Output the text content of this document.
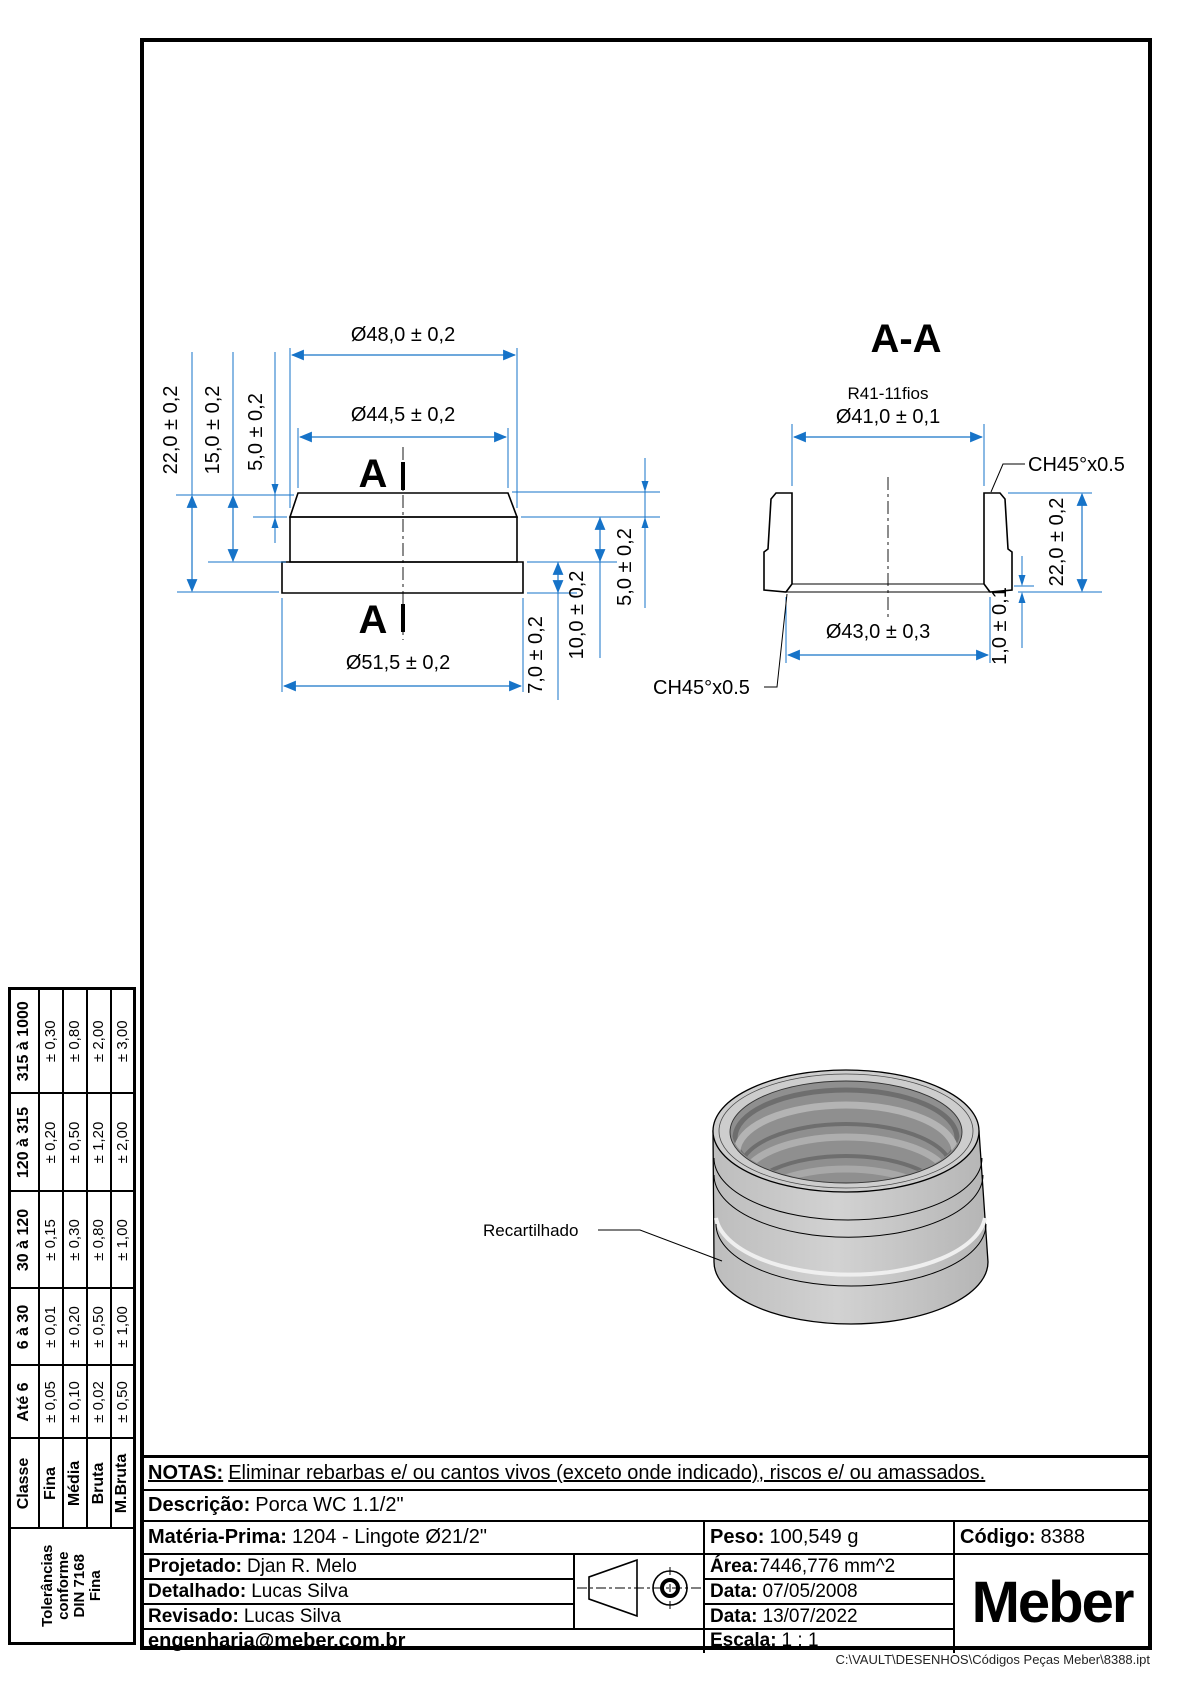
A
A
Ø48,0 ± 0,2
Ø44,5 ± 0,2
Ø51,5 ± 0,2
22,0 ± 0,2 15,0 ± 0,2 5,0 ± 0,2
5,0 ± 0,2
10,0 ± 0,2
7,0 ± 0,2
A-A
R41-11fios
Ø41,0 ± 0,1
CH45°x0.5
CH45°x0.5
22,0 ± 0,2
1,0 ± 0,1
Ø43,0 ± 0,3
Recartilhado
Tolerâncias conforme DIN 7168 Fina	Classe	Até 6	6 à 30	30 à 120	120 à 315	315 à 1000
	Fina	± 0,05	± 0,01	± 0,15	± 0,20	± 0,30
	Média	± 0,10	± 0,20	± 0,30	± 0,50	± 0,80
	Bruta	± 0,02	± 0,50	± 0,80	± 1,20	± 2,00
	M.Bruta	± 0,50	± 1,00	± 1,00	± 2,00	± 3,00
NOTAS: Eliminar rebarbas e/ ou cantos vivos (exceto onde indicado), riscos e/ ou amassados.
Descrição: Porca WC 1.1/2"
Matéria-Prima: 1204 - Lingote Ø21/2"	Peso: 100,549 g	Código: 8388
Projetado: Djan R. Melo
Detalhado: Lucas Silva
Revisado: Lucas Silva
engenharia@meber.com.br
Área:7446,776 mm^2
Data: 07/05/2008
Data: 13/07/2022
Escala: 1 : 1
Meber
C:\VAULT\DESENHOS\Códigos Peças Meber\8388.ipt
